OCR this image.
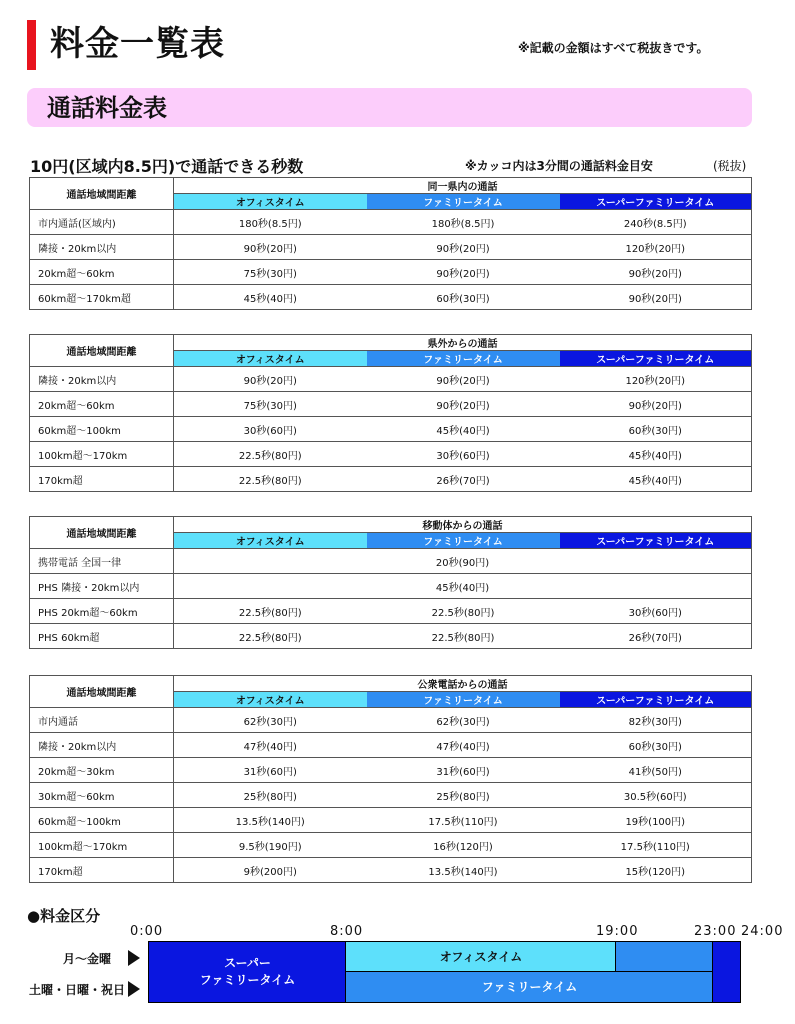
料金一覧表	※記載の金額はすべて税抜きです。
通話料金表
10円(区域内8.5円)で通話できる秒数	※カッコ内は3分間の通話料金目安	(税抜)
通話地域間距離	同一県内の通話		
	オフィスタイム	ファミリータイム	スーパーファミリータイム
市内通話(区域内)	180秒(8.5円)	180秒(8.5円)	240秒(8.5円)
隣接・20km以内	90秒(20円)	90秒(20円)	120秒(20円)
20km超〜60km	75秒(30円)	90秒(20円)	90秒(20円)
60km超〜170km超	45秒(40円)	60秒(30円)	90秒(20円)
通話地域間距離	県外からの通話		
	オフィスタイム	ファミリータイム	スーパーファミリータイム
隣接・20km以内	90秒(20円)	90秒(20円)	120秒(20円)
20km超〜60km	75秒(30円)	90秒(20円)	90秒(20円)
60km超〜100km	30秒(60円)	45秒(40円)	60秒(30円)
100km超〜170km	22.5秒(80円)	30秒(60円)	45秒(40円)
170km超	22.5秒(80円)	26秒(70円)	45秒(40円)
通話地域間距離	移動体からの通話		
	オフィスタイム	ファミリータイム	スーパーファミリータイム
携帯電話 全国一律	20秒(90円)		
PHS 隣接・20km以内	45秒(40円)		
PHS 20km超〜60km	22.5秒(80円)	22.5秒(80円)	30秒(60円)
PHS 60km超	22.5秒(80円)	22.5秒(80円)	26秒(70円)
通話地域間距離	公衆電話からの通話		
	オフィスタイム	ファミリータイム	スーパーファミリータイム
市内通話	62秒(30円)	62秒(30円)	82秒(30円)
隣接・20km以内	47秒(40円)	47秒(40円)	60秒(30円)
20km超〜30km	31秒(60円)	31秒(60円)	41秒(50円)
30km超〜60km	25秒(80円)	25秒(80円)	30.5秒(60円)
60km超〜100km	13.5秒(140円)	17.5秒(110円)	19秒(100円)
100km超〜170km	9.5秒(190円)	16秒(120円)	17.5秒(110円)
170km超	9秒(200円)	13.5秒(140円)	15秒(120円)
●料金区分
0:00	8:00	19:00	23:00 24:00
月〜金曜
土曜・日曜・祝日
スーパー
ファミリータイム
オフィスタイム
ファミリータイム
